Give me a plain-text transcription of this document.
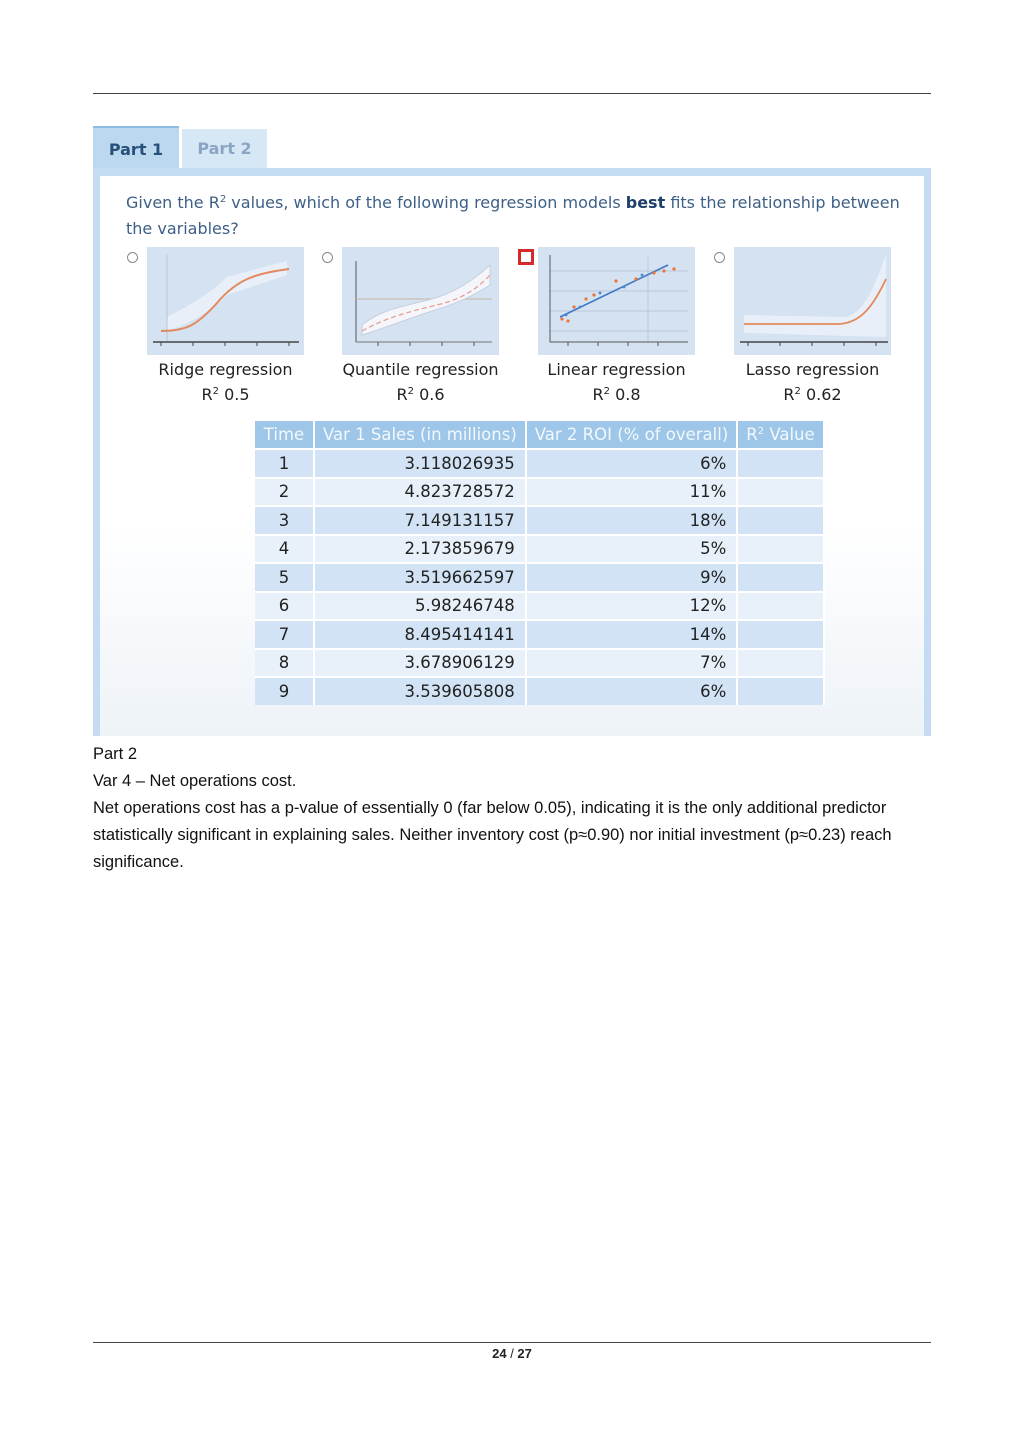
Part 1	Part 2
Given the $R^2$ values, which of the following regression models best fits the relationship between the variables?
Ridge regression
$R^2$ 0.5
Quantile regression
$R^2$ 0.6
Linear regression
$R^2$ 0.8
Lasso regression
$R^2$ 0.62
Time	Var 1 Sales (in millions)	Var 2 ROI (% of overall)	$R^2$ Value
1	3.118026935	6%	
2	4.823728572	11%	
3	7.149131157	18%	
4	2.173859679	5%	
5	3.519662597	9%	
6	5.98246748	12%	
7	8.495414141	14%	
8	3.678906129	7%	
9	3.539605808	6%	
Part 2
Var 4 – Net operations cost.
Net operations cost has a p-value of essentially 0 (far below 0.05), indicating it is the only additional predictor statistically significant in explaining sales. Neither inventory cost (p≈0.90) nor initial investment (p≈0.23) reach significance.
24 / 27
